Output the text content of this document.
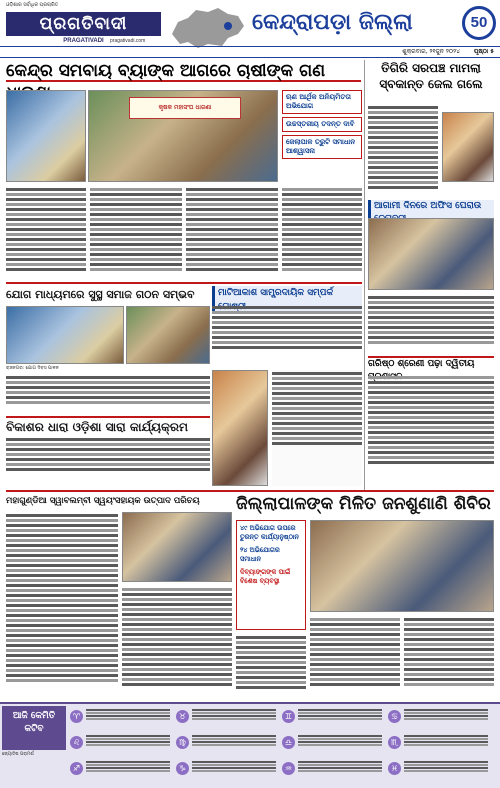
ଓଡ଼ିଶାର ସର୍ବାଧିକ ପ୍ରଚାରିତ
ପ୍ରଗତିବାଦୀ
PRAGATIVADI	pragativadi.com
କେନ୍ଦ୍ରାପଡ଼ା ଜିଲ୍ଲା	50
ଶୁକ୍ରବାର, ୨୧ଜୁନ ୨୦୨୪ ପୃଷ୍ଠା ୫
କେନ୍ଦ୍ର ସମବାୟ ବ୍ୟାଙ୍କ ଆଗରେ ଚାଷୀଙ୍କ ଗଣ
କୃଷକ ମହାସଂଘ ଧାରଣା
ଋଣ ଆର୍ଥିକ ଅନିୟମିତତା ଅଭିଯୋଗ
ଉଚ୍ଚସ୍ତରୀୟ ତଦନ୍ତ ଦାବି
ଜେଲାପାଳ ତ୍ରୁଟି ସମାଧାନ ଆଶ୍ୱାସନା
ତିଗିରି ସରପଞ୍ଚ ମାମଲା ସ୍ବକାନ୍ତ ଜେଲ ଗଲେ
ଆଗାମୀ ଦିନରେ ଅଫିସ ଘେରାଉ
ଗରିଷ୍ଠ ଶ୍ରେଣୀ ପଢ଼ା ଦ୍ୱିତୀୟ
ଯୋଗ ମାଧ୍ୟମରେ ସୁସ୍ଥ ସମାଜ ଗଠନ ସମ୍ଭବ
ରାଜନଗର: ଯୋଗ ଦିବସ ପାଳନ
ମାଟିଆକାଶ ସାମ୍ପ୍ରଦାୟିକ ସମ୍ପର୍କ
ବିକାଶର ଧାରା ଓଡ଼ିଶା ସାରା କାର୍ଯ୍ୟକ୍ରମ
ମହାଗୁଣ୍ଡିଆ ସ୍ୱାବଲମ୍ବୀ ସ୍ୱୟଂସହାୟକ ଉତ୍ପାଦ ପରିଚୟ	ଜିଲ୍ଲାପାଳଙ୍କ ମିଳିତ ଜନଶୁଣାଣି ଶିବିର
୪୯ ଅଭିଯୋଗ ଉପରେ ତୁରନ୍ତ କାର୍ଯ୍ୟାନୁଷ୍ଠାନ
୨୪ ଅଭିଯୋଗର ସମାଧାନ
ଦିବ୍ୟାଙ୍ଗଙ୍କ ପାଇଁ ବିଶେଷ ବ୍ୟବସ୍ଥା
ଆଜି କେମିତି କଟିବ
ଜ୍ୟୋତିଷ ପରାମର୍ଶ
♈	♉	♊	♋
♌	♍	♎	♏
♐	♑	♒	♓
